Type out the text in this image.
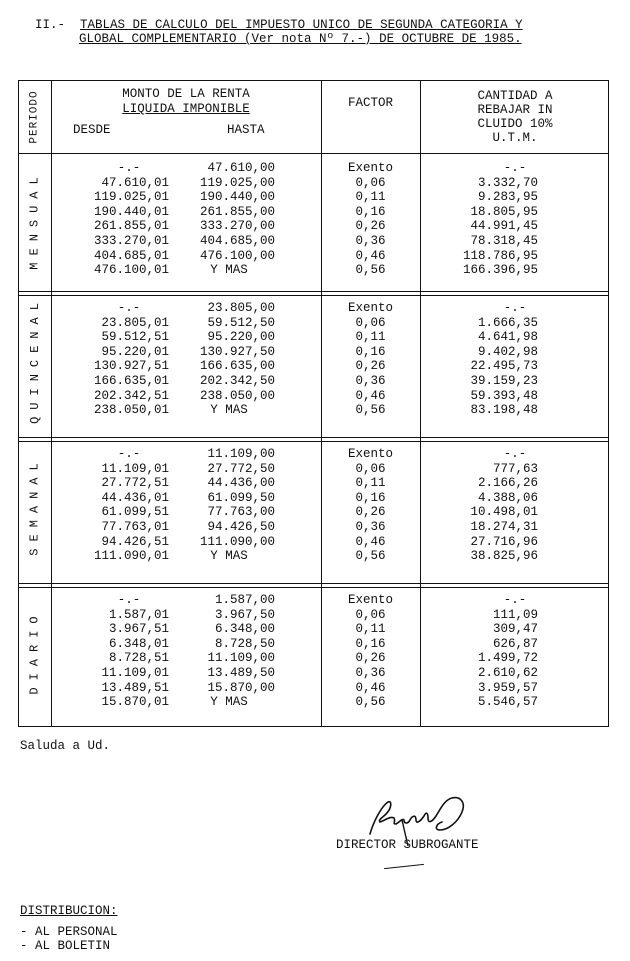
II.- TABLAS DE CALCULO DEL IMPUESTO UNICO DE SEGUNDA CATEGORIA Y

GLOBAL COMPLEMENTARIO (Ver nota Nº 7.-) DE OCTUBRE DE 1985.

PERIODO	MONTO DE LA RENTA
LIQUIDA IMPONIBLE
DESDE	HASTA
FACTOR	CANTIDAD A
REBAJAR IN
CLUIDO 10%
U.T.M.
MENSUAL
-.-	47.610,00	Exento	-.-
47.610,01	119.025,00	0,06	3.332,70
119.025,01	190.440,00	0,11	9.283,95
190.440,01	261.855,00	0,16	18.805,95
261.855,01	333.270,00	0,26	44.991,45
333.270,01	404.685,00	0,36	78.318,45
404.685,01	476.100,00	0,46	118.786,95
476.100,01	Y MAS	0,56	166.396,95
QUINCENAL	-.-	23.805,00	Exento	-.-
23.805,01	59.512,50	0,06	1.666,35
59.512,51	95.220,00	0,11	4.641,98
95.220,01	130.927,50	0,16	9.402,98
130.927,51	166.635,00	0,26	22.495,73
166.635,01	202.342,50	0,36	39.159,23
202.342,51	238.050,00	0,46	59.393,48
238.050,01	Y MAS	0,56	83.198,48
SEMANAL
-.-	11.109,00	Exento	-.-
11.109,01	27.772,50	0,06	777,63
27.772,51	44.436,00	0,11	2.166,26
44.436,01	61.099,50	0,16	4.388,06
61.099,51	77.763,00	0,26	10.498,01
77.763,01	94.426,50	0,36	18.274,31
94.426,51	111.090,00	0,46	27.716,96
111.090,01	Y MAS	0,56	38.825,96
DIARIO
-.-	1.587,00	Exento	-.-
1.587,01	3.967,50	0,06	111,09
3.967,51	6.348,00	0,11	309,47
6.348,01	8.728,50	0,16	626,87
8.728,51	11.109,00	0,26	1.499,72
11.109,01	13.489,50	0,36	2.610,62
13.489,51	15.870,00	0,46	3.959,57
15.870,01	Y MAS	0,56	5.546,57
Saluda a Ud.
DIRECTOR SUBROGANTE
DISTRIBUCION:
- AL PERSONAL
- AL BOLETIN
